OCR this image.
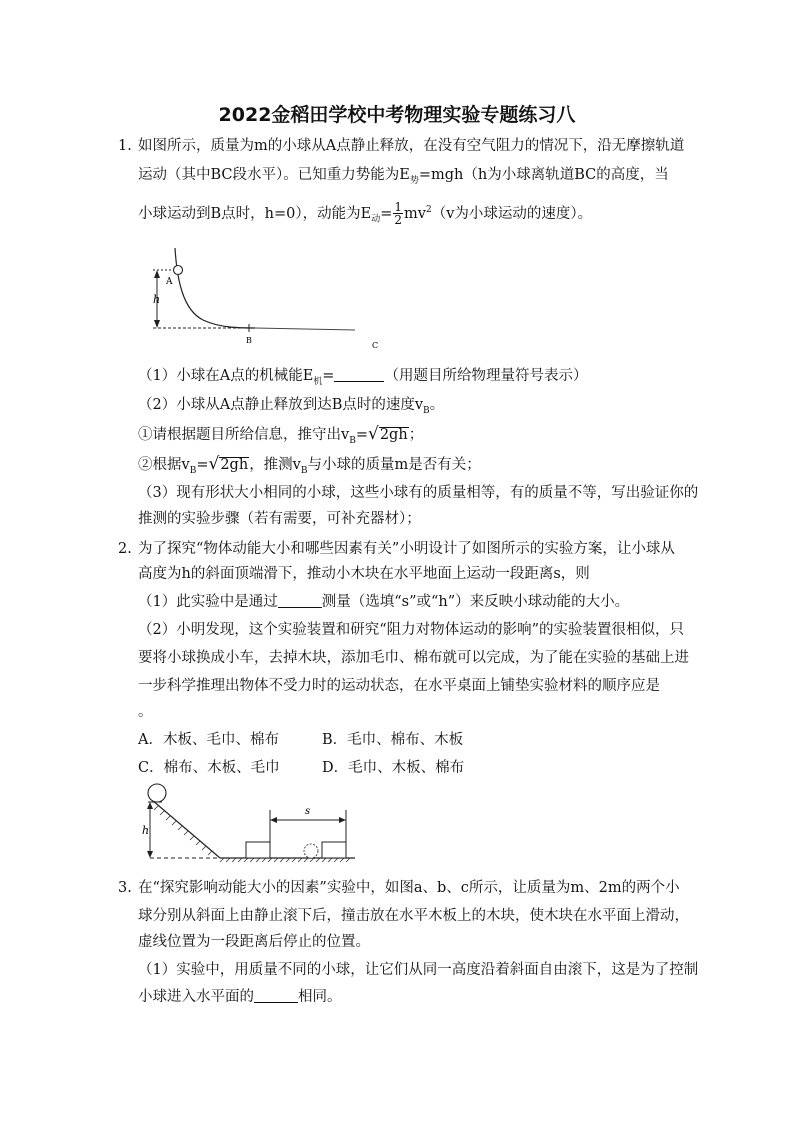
2022金稻田学校中考物理实验专题练习八
1. 如图所示，质量为m的小球从A点静止释放，在没有空气阻力的情况下，沿无摩擦轨道
运动（其中BC段水平）。已知重力势能为$E_势=mgh(h$为小球离轨道BC的高度，当
小球运动到B点时，h=0），动能为$E_动= \frac{1}{2} mv^2(v$为小球运动的速度）。
A
h
B
C
（1）小球在A点的机械能$E_机=$	（用题目所给物理量符号表示）
（2）小球从A点静止释放到达B点时的速度$v_B$。
①请根据题目所给信息，推守出$v_B=√2gh$；
②根据$v_B=√2gh$，推测$v_B$与小球的质量m是否有关；
（3）现有形状大小相同的小球，这些小球有的质量相等，有的质量不等，写出验证你的
推测的实验步骤（若有需要，可补充器材）；
2. 为了探究“物体动能大小和哪些因素有关”小明设计了如图所示的实验方案，让小球从
高度为h的斜面顶端滑下，推动小木块在水平地面上运动一段距离s，则
（1）此实验中是通过	测量（选填“s”或“h”）来反映小球动能的大小。
（2）小明发现，这个实验装置和研究“阻力对物体运动的影响”的实验装置很相似，只
要将小球换成小车，去掉木块，添加毛巾、棉布就可以完成，为了能在实验的基础上进
一步科学推理出物体不受力时的运动状态，在水平桌面上铺垫实验材料的顺序应是
。
A．木板、毛巾、棉布	B．毛巾、棉布、木板
C．棉布、木板、毛巾	D．毛巾、木板、棉布
h
s
3. 在“探究影响动能大小的因素”实验中，如图a、b、c所示，让质量为m、2m的两个小
球分别从斜面上由静止滚下后，撞击放在水平木板上的木块，使木块在水平面上滑动，
虚线位置为一段距离后停止的位置。
（1）实验中，用质量不同的小球，让它们从同一高度沿着斜面自由滚下，这是为了控制
小球进入水平面的	相同。
